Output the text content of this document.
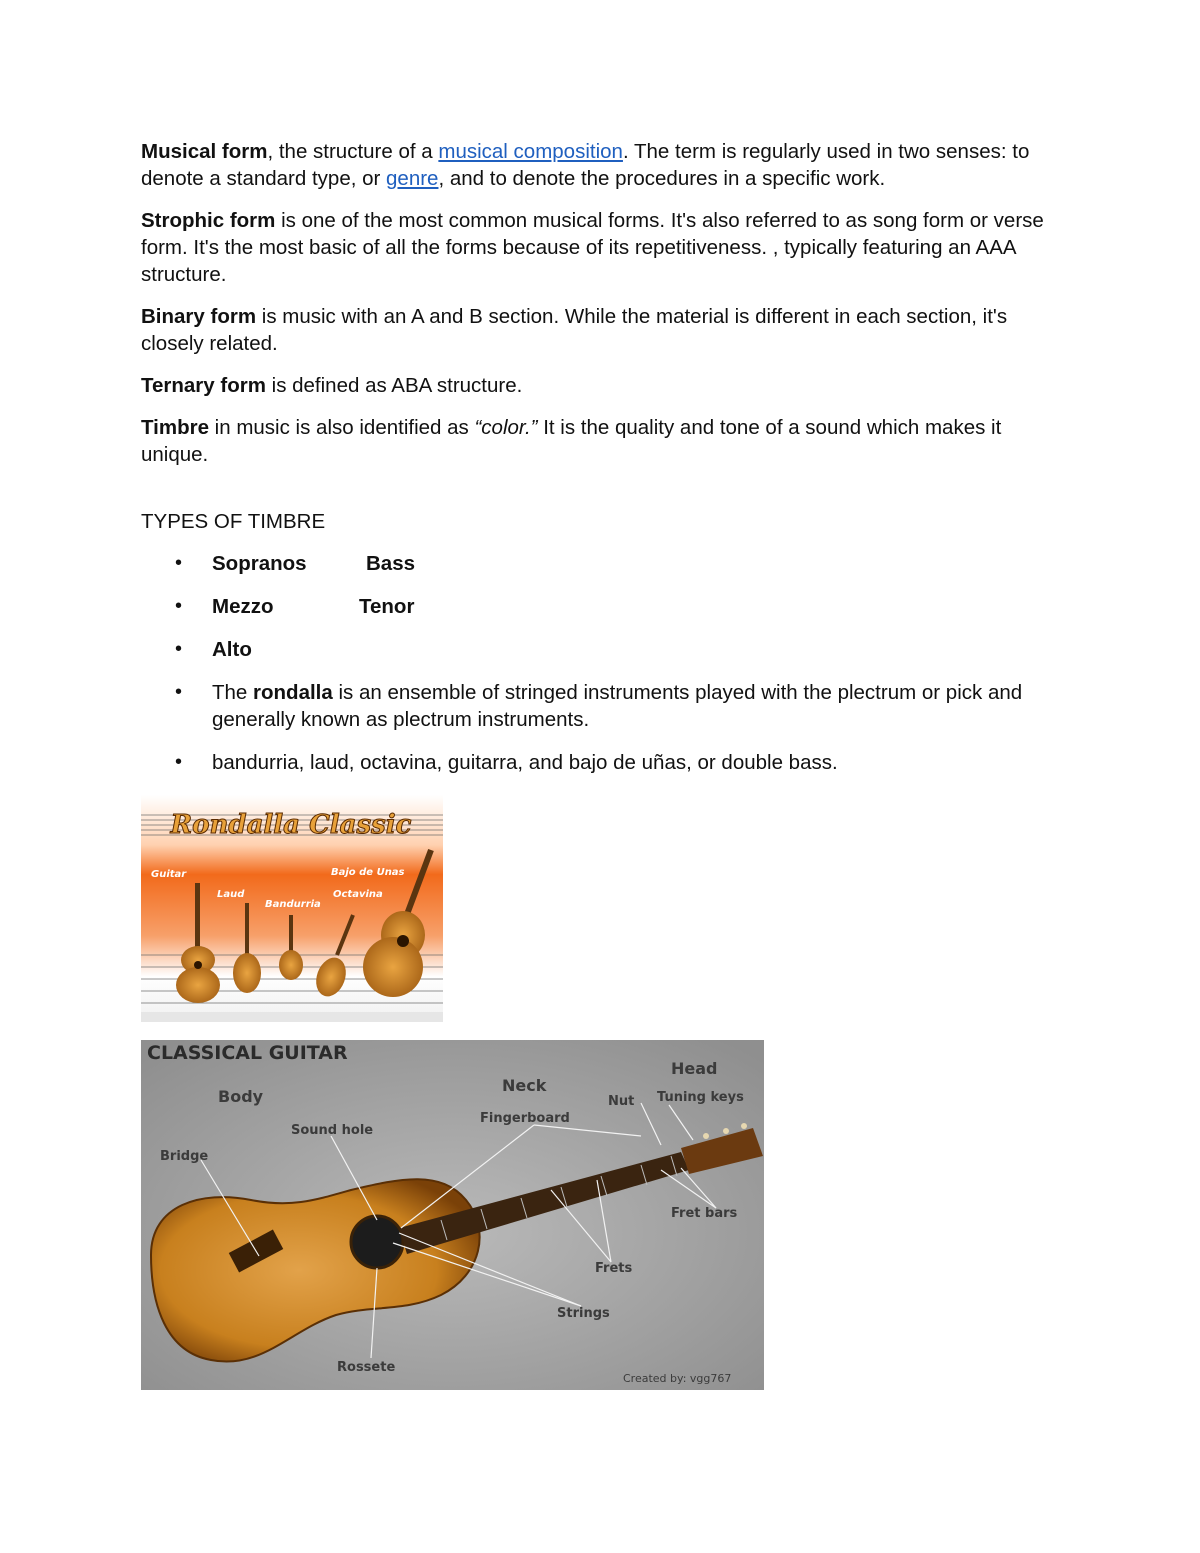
Musical form, the structure of a musical composition. The term is regularly used in two senses: to denote a standard type, or genre, and to denote the procedures in a specific work.

Strophic form is one of the most common musical forms. It's also referred to as song form or verse form. It's the most basic of all the forms because of its repetitiveness. , typically featuring an AAA structure.

Binary form is music with an A and B section. While the material is different in each section, it's closely related.

Ternary form is defined as ABA structure.

Timbre in music is also identified as “color.” It is the quality and tone of a sound which makes it unique.

TYPES OF TIMBRE
• Sopranos	Bass
• Mezzo	Tenor
• Alto
• The rondalla is an ensemble of stringed instruments played with the plectrum or pick and generally known as plectrum instruments.
• bandurria, laud, octavina, guitarra, and bajo de uñas, or double bass.
Rondalla Classic
Guitar
Laud
Bandurria
Bajo de Unas
Octavina
CLASSICAL GUITAR
Body
Neck
Head
Nut Tuning keys
Fingerboard
Sound hole
Bridge
Fret bars
Frets
Strings
Rossete
Created by: vgg767
